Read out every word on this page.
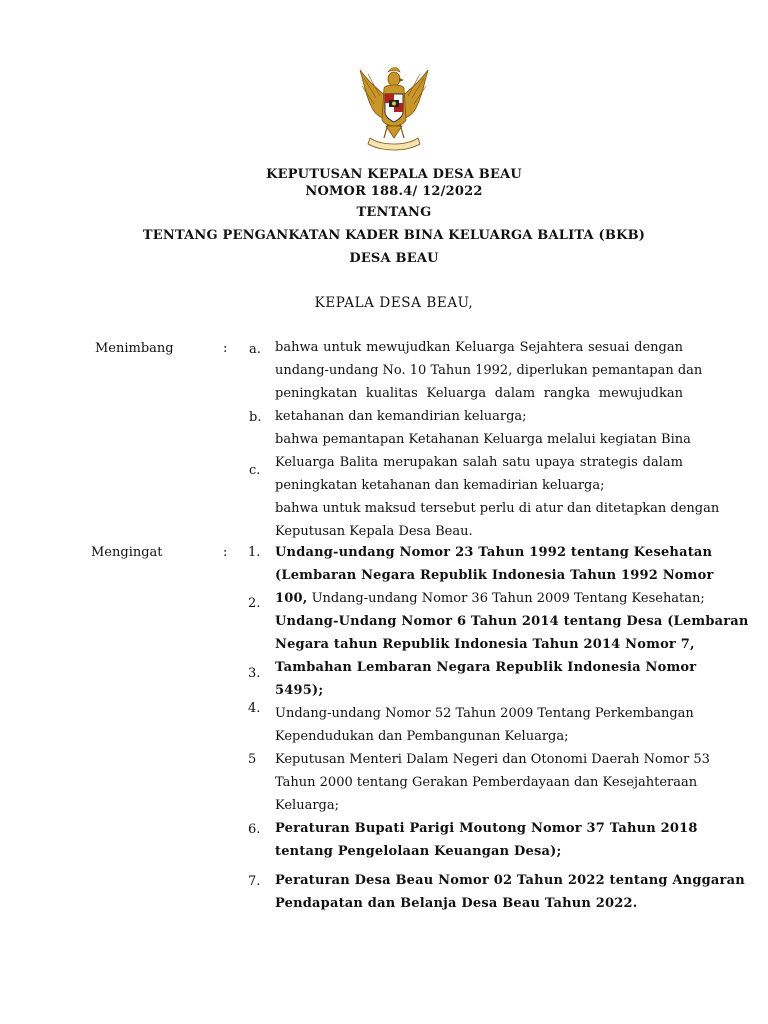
KEPUTUSAN KEPALA DESA BEAU
NOMOR 188.4/ 12/2022
TENTANG
TENTANG PENGANKATAN KADER BINA KELUARGA BALITA (BKB)
DESA BEAU
KEPALA DESA BEAU,
Menimbang	: a.
b.
c.
bahwa untuk mewujudkan Keluarga Sejahtera sesuai dengan
undang-undang No. 10 Tahun 1992, diperlukan pemantapan dan
peningkatan kualitas Keluarga dalam rangka mewujudkan
ketahanan dan kemandirian keluarga;
bahwa pemantapan Ketahanan Keluarga melalui kegiatan Bina
Keluarga Balita merupakan salah satu upaya strategis dalam
peningkatan ketahanan dan kemadirian keluarga;
bahwa untuk maksud tersebut perlu di atur dan ditetapkan dengan
Keputusan Kepala Desa Beau.
Mengingat	: 1.
2.
3.
4.
5
6.
7.
Undang-undang Nomor 23 Tahun 1992 tentang Kesehatan
(Lembaran Negara Republik Indonesia Tahun 1992 Nomor
100, Undang-undang Nomor 36 Tahun 2009 Tentang Kesehatan;
Undang-Undang Nomor 6 Tahun 2014 tentang Desa (Lembaran
Negara tahun Republik Indonesia Tahun 2014 Nomor 7,
Tambahan Lembaran Negara Republik Indonesia Nomor
5495);
Undang-undang Nomor 52 Tahun 2009 Tentang Perkembangan
Kependudukan dan Pembangunan Keluarga;
Keputusan Menteri Dalam Negeri dan Otonomi Daerah Nomor 53
Tahun 2000 tentang Gerakan Pemberdayaan dan Kesejahteraan
Keluarga;
Peraturan Bupati Parigi Moutong Nomor 37 Tahun 2018
tentang Pengelolaan Keuangan Desa);
Peraturan Desa Beau Nomor 02 Tahun 2022 tentang Anggaran
Pendapatan dan Belanja Desa Beau Tahun 2022.
